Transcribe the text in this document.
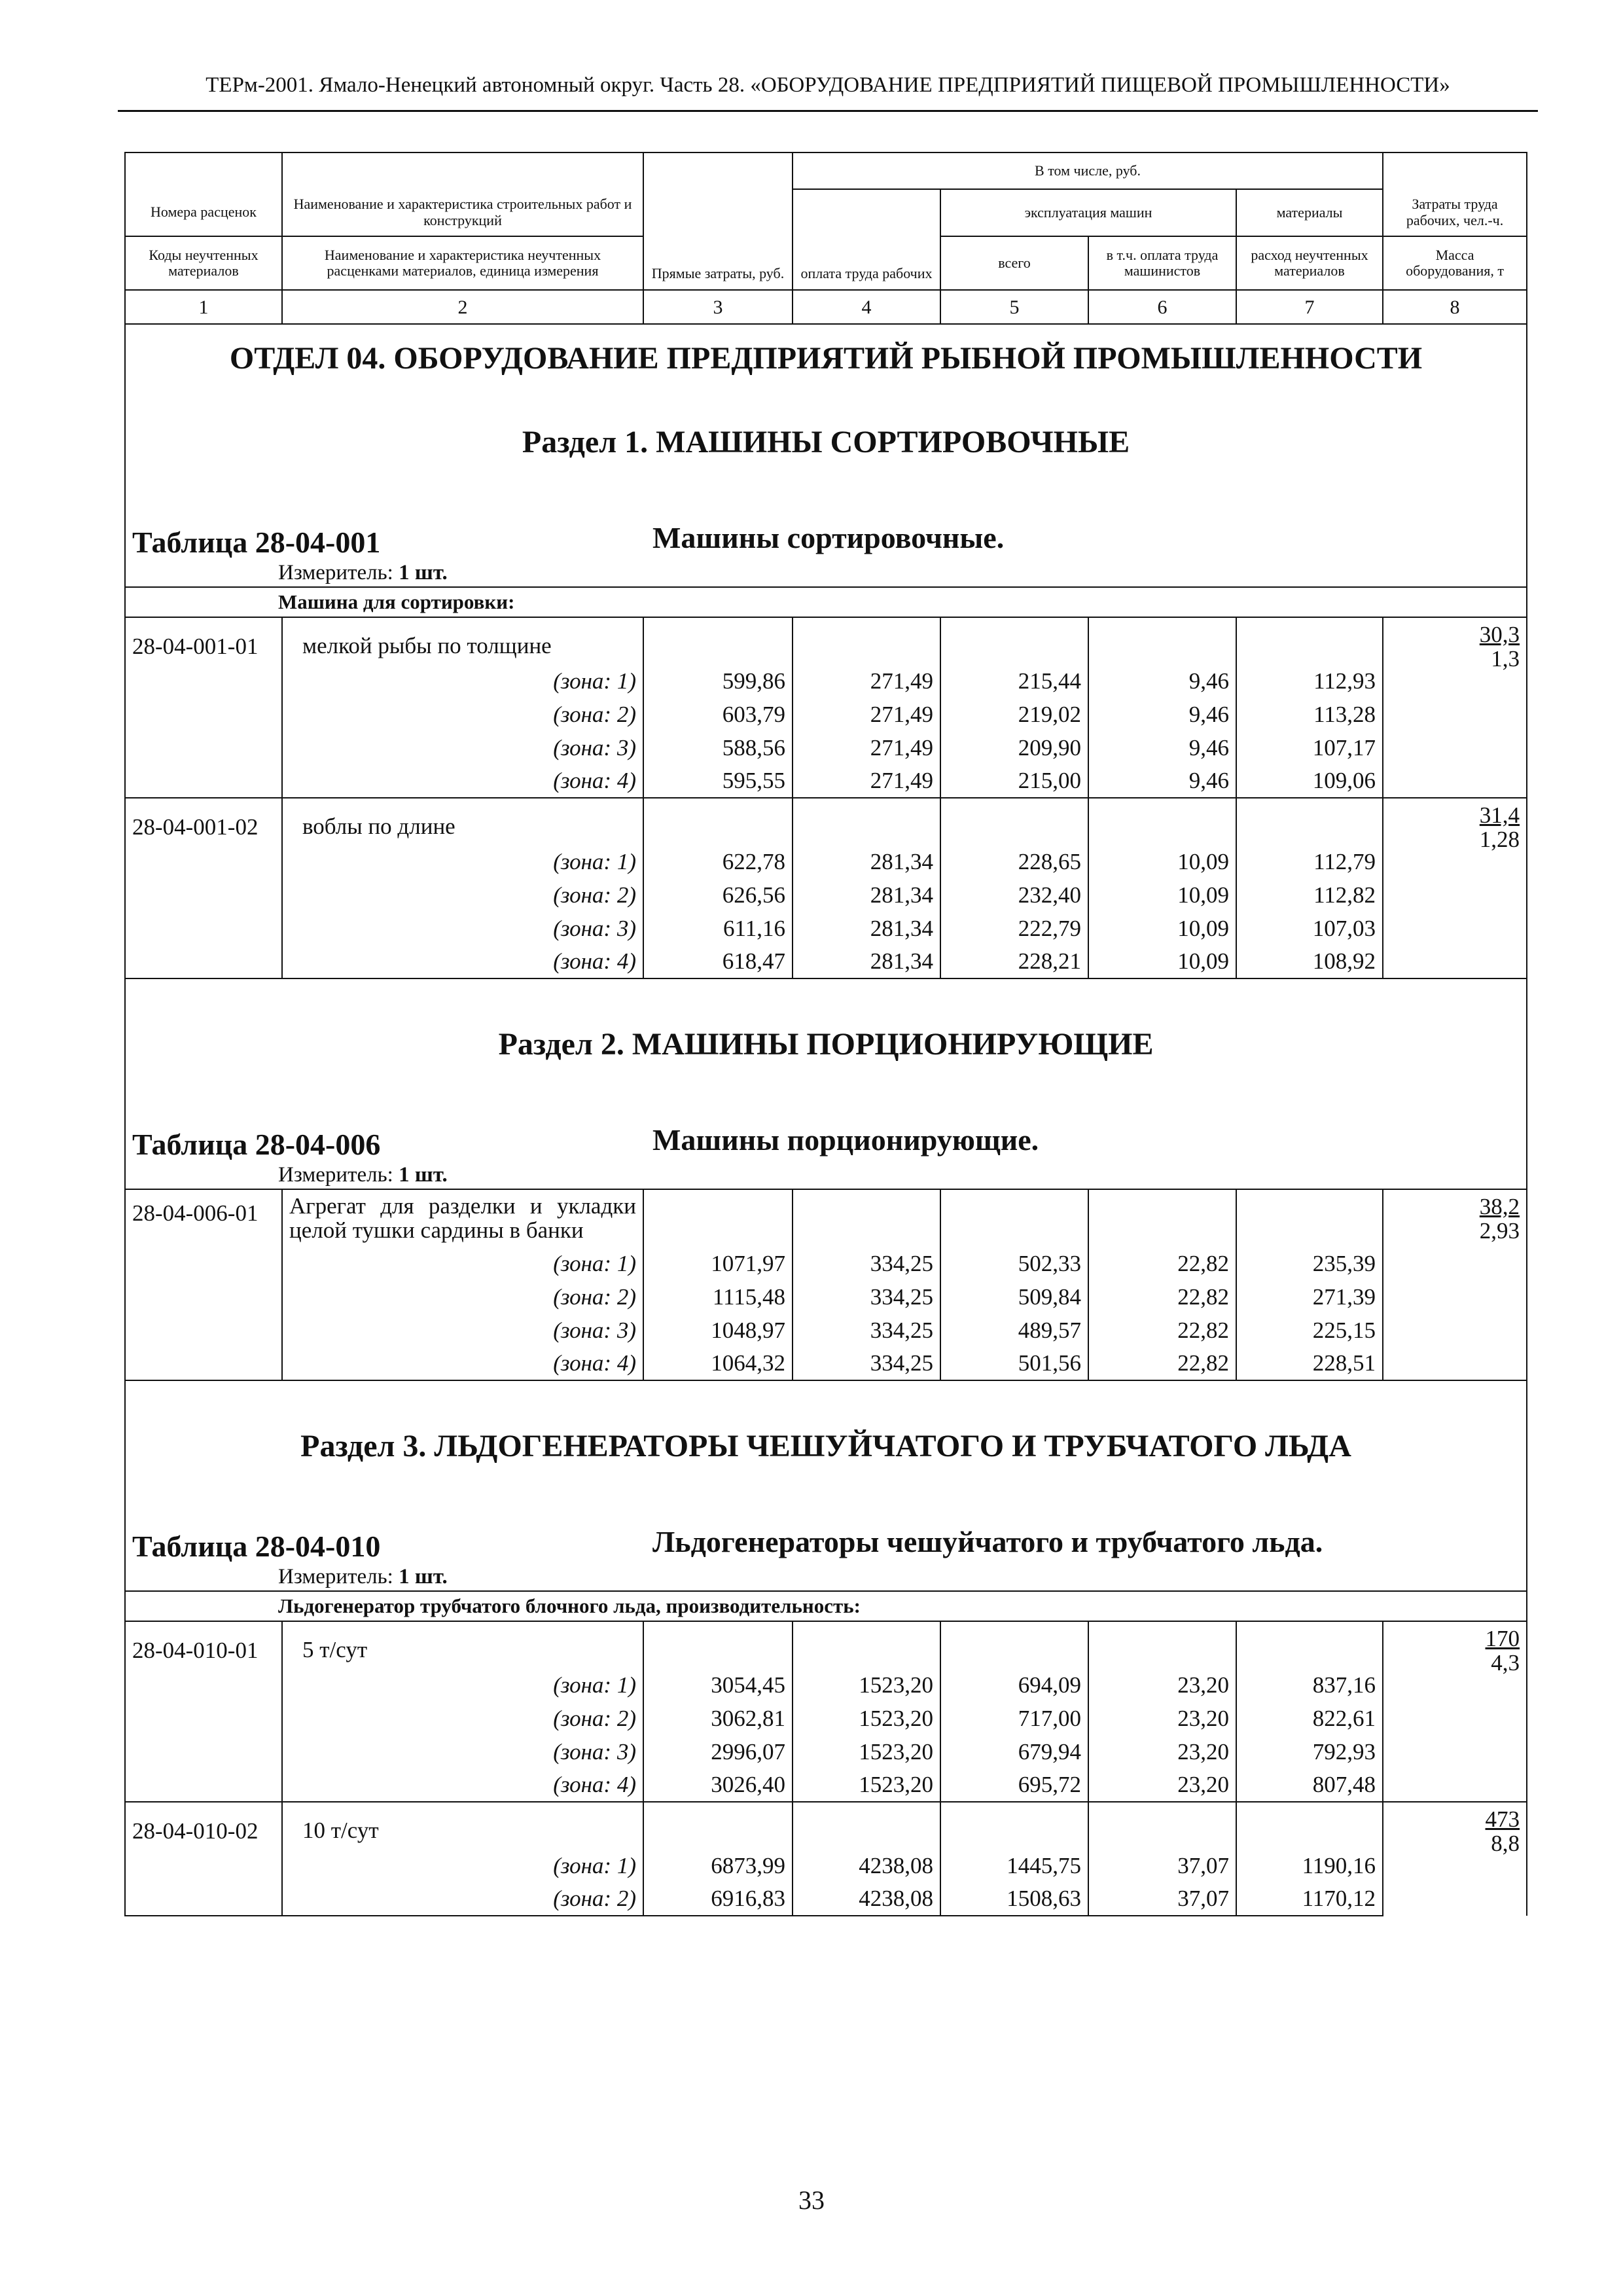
ТЕРм-2001. Ямало-Ненецкий автономный округ. Часть 28. «ОБОРУДОВАНИЕ ПРЕДПРИЯТИЙ ПИЩЕВОЙ ПРОМЫШЛЕННОСТИ»
		Прямые затраты, руб.	В том числе, руб.				
Номера расценок	Наименование и характеристика строительных работ и конструкций		оплата труда рабочих	эксплуатация машин		материалы	Затраты труда рабочих, чел.-ч.
Коды неучтенных материалов	Наименование и характеристика неучтенных расценками материалов, единица измерения			всего	в т.ч. оплата труда машинистов	расход неучтенных материалов	Масса оборудования, т
1	2	3	4	5	6	7	8
ОТДЕЛ 04. ОБОРУДОВАНИЕ ПРЕДПРИЯТИЙ РЫБНОЙ ПРОМЫШЛЕННОСТИ							

Раздел 1. МАШИНЫ СОРТИРОВОЧНЫЕ							

Таблица 28-04-001 Машины сортировочные.							

Измеритель: 1 шт.							
Машина для сортировки:							
28-04-001-01	мелкой рыбы по толщине						30,3
1,3
	(зона: 1)	599,86	271,49	215,44	9,46	112,93	
	(зона: 2)	603,79	271,49	219,02	9,46	113,28	
	(зона: 3)	588,56	271,49	209,90	9,46	107,17	
	(зона: 4)	595,55	271,49	215,00	9,46	109,06	
28-04-001-02	воблы по длине						31,4
1,28
	(зона: 1)	622,78	281,34	228,65	10,09	112,79	
	(зона: 2)	626,56	281,34	232,40	10,09	112,82	
	(зона: 3)	611,16	281,34	222,79	10,09	107,03	
	(зона: 4)	618,47	281,34	228,21	10,09	108,92	

Раздел 2. МАШИНЫ ПОРЦИОНИРУЮЩИЕ							

Таблица 28-04-006 Машины порционирующие.							

Измеритель: 1 шт.							
28-04-006-01	Агрегат для разделки и укладки целой тушки сардины в банки						38,2
2,93
	(зона: 1)	1071,97	334,25	502,33	22,82	235,39	
	(зона: 2)	1115,48	334,25	509,84	22,82	271,39	
	(зона: 3)	1048,97	334,25	489,57	22,82	225,15	
	(зона: 4)	1064,32	334,25	501,56	22,82	228,51	

Раздел 3. ЛЬДОГЕНЕРАТОРЫ ЧЕШУЙЧАТОГО И ТРУБЧАТОГО ЛЬДА							

Таблица 28-04-010 Льдогенераторы чешуйчатого и трубчатого льда.							

Измеритель: 1 шт.							
Льдогенератор трубчатого блочного льда, производительность:							
28-04-010-01	5 т/сут						170
4,3
	(зона: 1)	3054,45	1523,20	694,09	23,20	837,16	
	(зона: 2)	3062,81	1523,20	717,00	23,20	822,61	
	(зона: 3)	2996,07	1523,20	679,94	23,20	792,93	
	(зона: 4)	3026,40	1523,20	695,72	23,20	807,48	
28-04-010-02	10 т/сут						473
8,8
	(зона: 1)	6873,99	4238,08	1445,75	37,07	1190,16	
	(зона: 2)	6916,83	4238,08	1508,63	37,07	1170,12	
33
